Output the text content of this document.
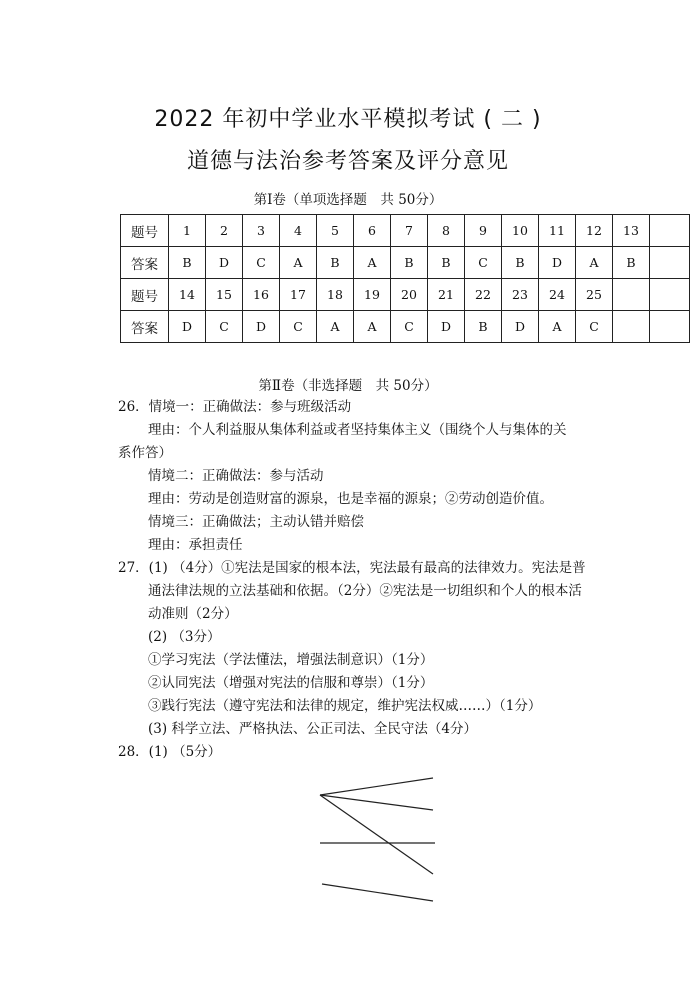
2022 年初中学业水平模拟考试 ( 二 )
道德与法治参考答案及评分意见
第Ⅰ卷（单项选择题　共 50分）
题号	1	2	3	4	5	6	7	8	9	10	11	12	13	
答案	B	D	C	A	B	A	B	B	C	B	D	A	B	
题号	14	15	16	17	18	19	20	21	22	23	24	25		
答案	D	C	D	C	A	A	C	D	B	D	A	C		
第Ⅱ卷（非选择题　共 50分）
26．情境一：正确做法：参与班级活动
理由：个人利益服从集体利益或者坚持集体主义（围绕个人与集体的关
系作答）
情境二：正确做法：参与活动
理由：劳动是创造财富的源泉，也是幸福的源泉；②劳动创造价值。
情境三：正确做法；主动认错并赔偿
理由：承担责任
27．(1) （4分）①宪法是国家的根本法，宪法最有最高的法律效力。宪法是普
通法律法规的立法基础和依据。（2分）②宪法是一切组织和个人的根本活
动准则（2分）
(2) （3分）
①学习宪法（学法懂法，增强法制意识）（1分）
②认同宪法（增强对宪法的信服和尊崇）（1分）
③践行宪法（遵守宪法和法律的规定，维护宪法权威……）（1分）
(3) 科学立法、严格执法、公正司法、全民守法（4分）
28．(1) （5分）
